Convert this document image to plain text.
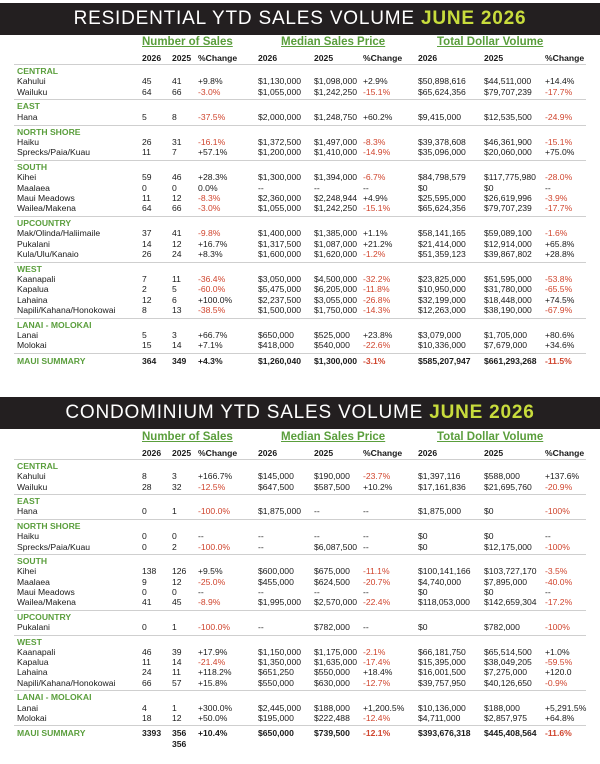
RESIDENTIAL YTD SALES VOLUME JUNE 2026
Number of Sales	Median Sales Price	Total Dollar Volume
2026 2025 %Change 2026	2025	%Change 2026	2025	%Change
CENTRAL
Kahului	45 41 +9.8%	$1,130,000 $1,098,000 +2.9%	$50,898,616 $44,511,000 +14.4%
Wailuku	64 66 -3.0%	$1,055,000 $1,242,250 -15.1%	$65,624,356 $79,707,239 -17.7%
EAST
Hana	5	8 -37.5%	$2,000,000 $1,248,750 +60.2%	$9,415,000	$12,535,500 -24.9%
NORTH SHORE
Haiku	26 31 -16.1%	$1,372,500 $1,497,000 -8.3%	$39,378,608 $46,361,900 -15.1%
Sprecks/Paia/Kuau	11 7 +57.1%	$1,200,000 $1,410,000 -14.9%	$35,096,000 $20,060,000 +75.0%
SOUTH
Kihei	59 46 +28.3%	$1,300,000 $1,394,000 -6.7%	$84,798,579 $117,775,980 -28.0%
Maalaea	0	0 0.0%	--	--	--	$0	$0	--
Maui Meadows	11 12 -8.3%	$2,360,000 $2,248,944 +4.9%	$25,595,000 $26,619,996 -3.9%
Wailea/Makena	64 66 -3.0%	$1,055,000 $1,242,250 -15.1%	$65,624,356 $79,707,239 -17.7%
UPCOUNTRY
Mak/Olinda/Haliimaile	37 41 -9.8%	$1,400,000 $1,385,000 +1.1%	$58,141,165 $59,089,100 -1.6%
Pukalani	14 12 +16.7%	$1,317,500 $1,087,000 +21.2%	$21,414,000 $12,914,000 +65.8%
Kula/Ulu/Kanaio	26 24 +8.3%	$1,600,000 $1,620,000 -1.2%	$51,359,123 $39,867,802 +28.8%
WEST
Kaanapali	7	11 -36.4%	$3,050,000 $4,500,000 -32.2%	$23,825,000 $51,595,000 -53.8%
Kapalua	2	5 -60.0%	$5,475,000 $6,205,000 -11.8%	$10,950,000 $31,780,000 -65.5%
Lahaina	12 6 +100.0%	$2,237,500 $3,055,000 -26.8%	$32,199,000 $18,448,000 +74.5%
Napili/Kahana/Honokowai	8	13 -38.5%	$1,500,000 $1,750,000 -14.3%	$12,263,000 $38,190,000 -67.9%
LANAI - MOLOKAI
Lanai	5	3 +66.7%	$650,000 $525,000 +23.8%	$3,079,000	$1,705,000 +80.6%
Molokai	15 14 +7.1%	$418,000 $540,000 -22.6%	$10,336,000 $7,679,000 +34.6%
MAUI SUMMARY	364 349 +4.3%	$1,260,040 $1,300,000 -3.1%	$585,207,947 $661,293,268 -11.5%
CONDOMINIUM YTD SALES VOLUME JUNE 2026
Number of Sales	Median Sales Price	Total Dollar Volume
2026 2025 %Change 2026	2025	%Change 2026	2025	%Change
CENTRAL
Kahului	8	3 +166.7%	$145,000 $190,000 -23.7%	$1,397,116	$588,000	+137.6%
Wailuku	28 32 -12.5%	$647,500 $587,500 +10.2%	$17,161,836 $21,695,760 -20.9%
EAST
Hana	0	1 -100.0%	$1,875,000 --	--	$1,875,000	$0	-100%
NORTH SHORE
Haiku	0	0 --	--	--	--	$0	$0	--
Sprecks/Paia/Kuau	0	2 -100.0%	--	$6,087,500 --	$0	$12,175,000 -100%
SOUTH
Kihei	138 126 +9.5%	$600,000 $675,000 -11.1%	$100,141,166 $103,727,170 -3.5%
Maalaea	9	12 -25.0%	$455,000 $624,500 -20.7%	$4,740,000	$7,895,000 -40.0%
Maui Meadows	0	0 --	--	--	--	$0	$0	--
Wailea/Makena	41 45 -8.9%	$1,995,000 $2,570,000 -22.4%	$118,053,000 $142,659,304 -17.2%
UPCOUNTRY
Pukalani	0	1 -100.0%	--	$782,000 --	$0	$782,000	-100%
WEST
Kaanapali	46 39 +17.9%	$1,150,000 $1,175,000 -2.1%	$66,181,750 $65,514,500 +1.0%
Kapalua	11 14 -21.4%	$1,350,000 $1,635,000 -17.4%	$15,395,000 $38,049,205 -59.5%
Lahaina	24 11 +118.2%	$651,250 $550,000 +18.4%	$16,001,500 $7,275,000 +120.0
Napili/Kahana/Honokowai	66 57 +15.8%	$550,000 $630,000 -12.7%	$39,757,950 $40,126,650 -0.9%
LANAI - MOLOKAI
Lanai	4	1 +300.0%	$2,445,000 $188,000 +1,200.5% $10,136,000 $188,000	+5,291.5%
Molokai	18 12 +50.0%	$195,000 $222,488 -12.4%	$4,711,000	$2,857,975 +64.8%
MAUI SUMMARY	3393 356 +10.4%	$650,000 $739,500 -12.1%	$393,676,318 $445,408,564 -11.6%
356
